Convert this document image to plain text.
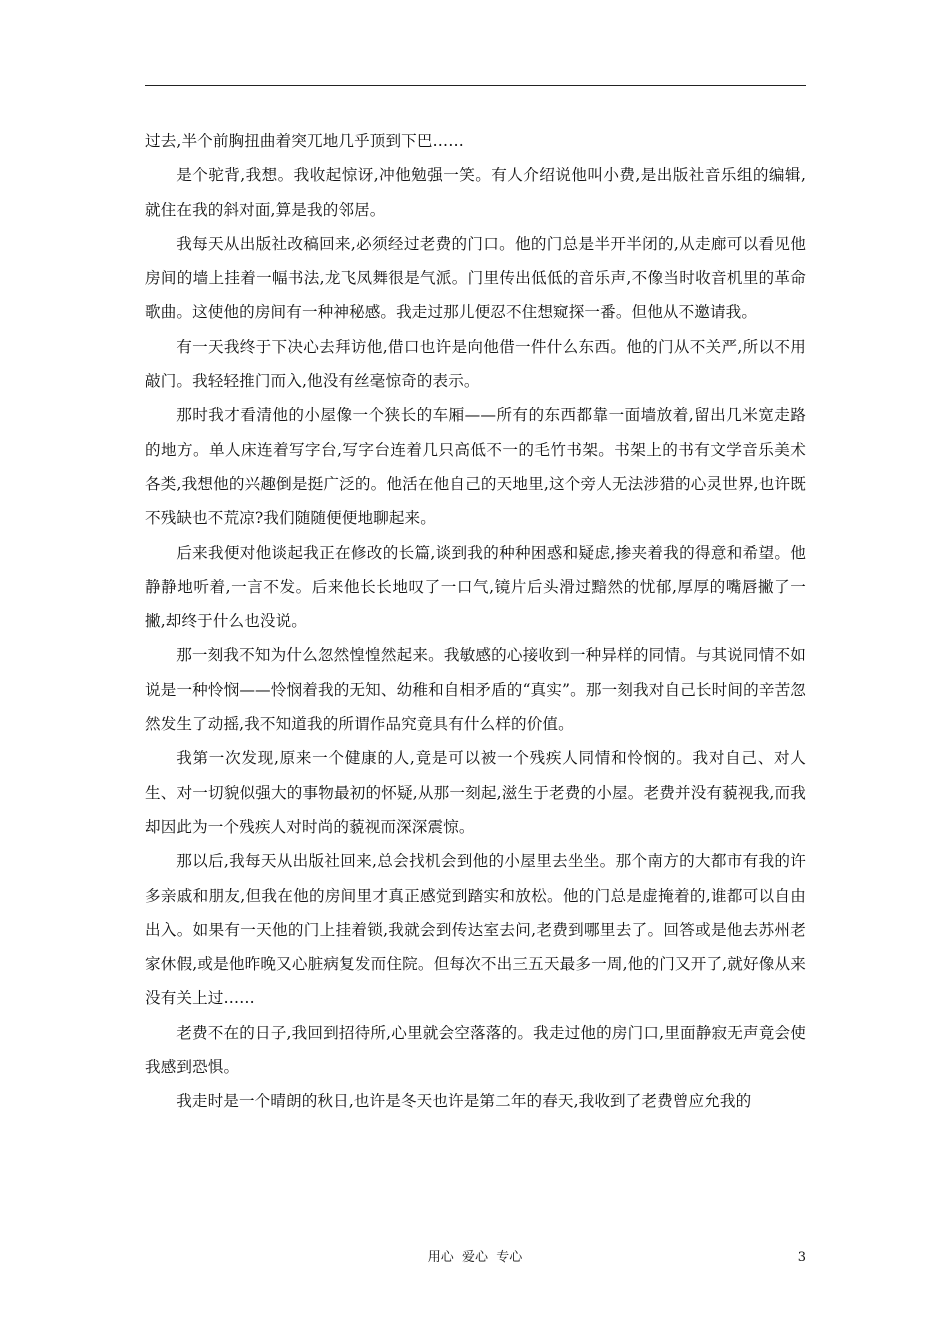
过去,半个前胸扭曲着突兀地几乎顶到下巴……

是个驼背,我想。我收起惊讶,冲他勉强一笑。有人介绍说他叫小费,是出版社音乐组的编辑,就住在我的斜对面,算是我的邻居。

我每天从出版社改稿回来,必须经过老费的门口。他的门总是半开半闭的,从走廊可以看见他房间的墙上挂着一幅书法,龙飞凤舞很是气派。门里传出低低的音乐声,不像当时收音机里的革命歌曲。这使他的房间有一种神秘感。我走过那儿便忍不住想窥探一番。但他从不邀请我。

有一天我终于下决心去拜访他,借口也许是向他借一件什么东西。他的门从不关严,所以不用敲门。我轻轻推门而入,他没有丝毫惊奇的表示。

那时我才看清他的小屋像一个狭长的车厢——所有的东西都靠一面墙放着,留出几米宽走路的地方。单人床连着写字台,写字台连着几只高低不一的毛竹书架。书架上的书有文学音乐美术各类,我想他的兴趣倒是挺广泛的。他活在他自己的天地里,这个旁人无法涉猎的心灵世界,也许既不残缺也不荒凉?我们随随便便地聊起来。

后来我便对他谈起我正在修改的长篇,谈到我的种种困惑和疑虑,掺夹着我的得意和希望。他静静地听着,一言不发。后来他长长地叹了一口气,镜片后头滑过黯然的忧郁,厚厚的嘴唇撇了一撇,却终于什么也没说。

那一刻我不知为什么忽然惶惶然起来。我敏感的心接收到一种异样的同情。与其说同情不如说是一种怜悯——怜悯着我的无知、幼稚和自相矛盾的“真实”。那一刻我对自己长时间的辛苦忽然发生了动摇,我不知道我的所谓作品究竟具有什么样的价值。

我第一次发现,原来一个健康的人,竟是可以被一个残疾人同情和怜悯的。我对自己、对人生、对一切貌似强大的事物最初的怀疑,从那一刻起,滋生于老费的小屋。老费并没有藐视我,而我却因此为一个残疾人对时尚的藐视而深深震惊。

那以后,我每天从出版社回来,总会找机会到他的小屋里去坐坐。那个南方的大都市有我的许多亲戚和朋友,但我在他的房间里才真正感觉到踏实和放松。他的门总是虚掩着的,谁都可以自由出入。如果有一天他的门上挂着锁,我就会到传达室去问,老费到哪里去了。回答或是他去苏州老家休假,或是他昨晚又心脏病复发而住院。但每次不出三五天最多一周,他的门又开了,就好像从来没有关上过……

老费不在的日子,我回到招待所,心里就会空落落的。我走过他的房门口,里面静寂无声竟会使我感到恐惧。

我走时是一个晴朗的秋日,也许是冬天也许是第二年的春天,我收到了老费曾应允我的

用心  爱心  专心	3
